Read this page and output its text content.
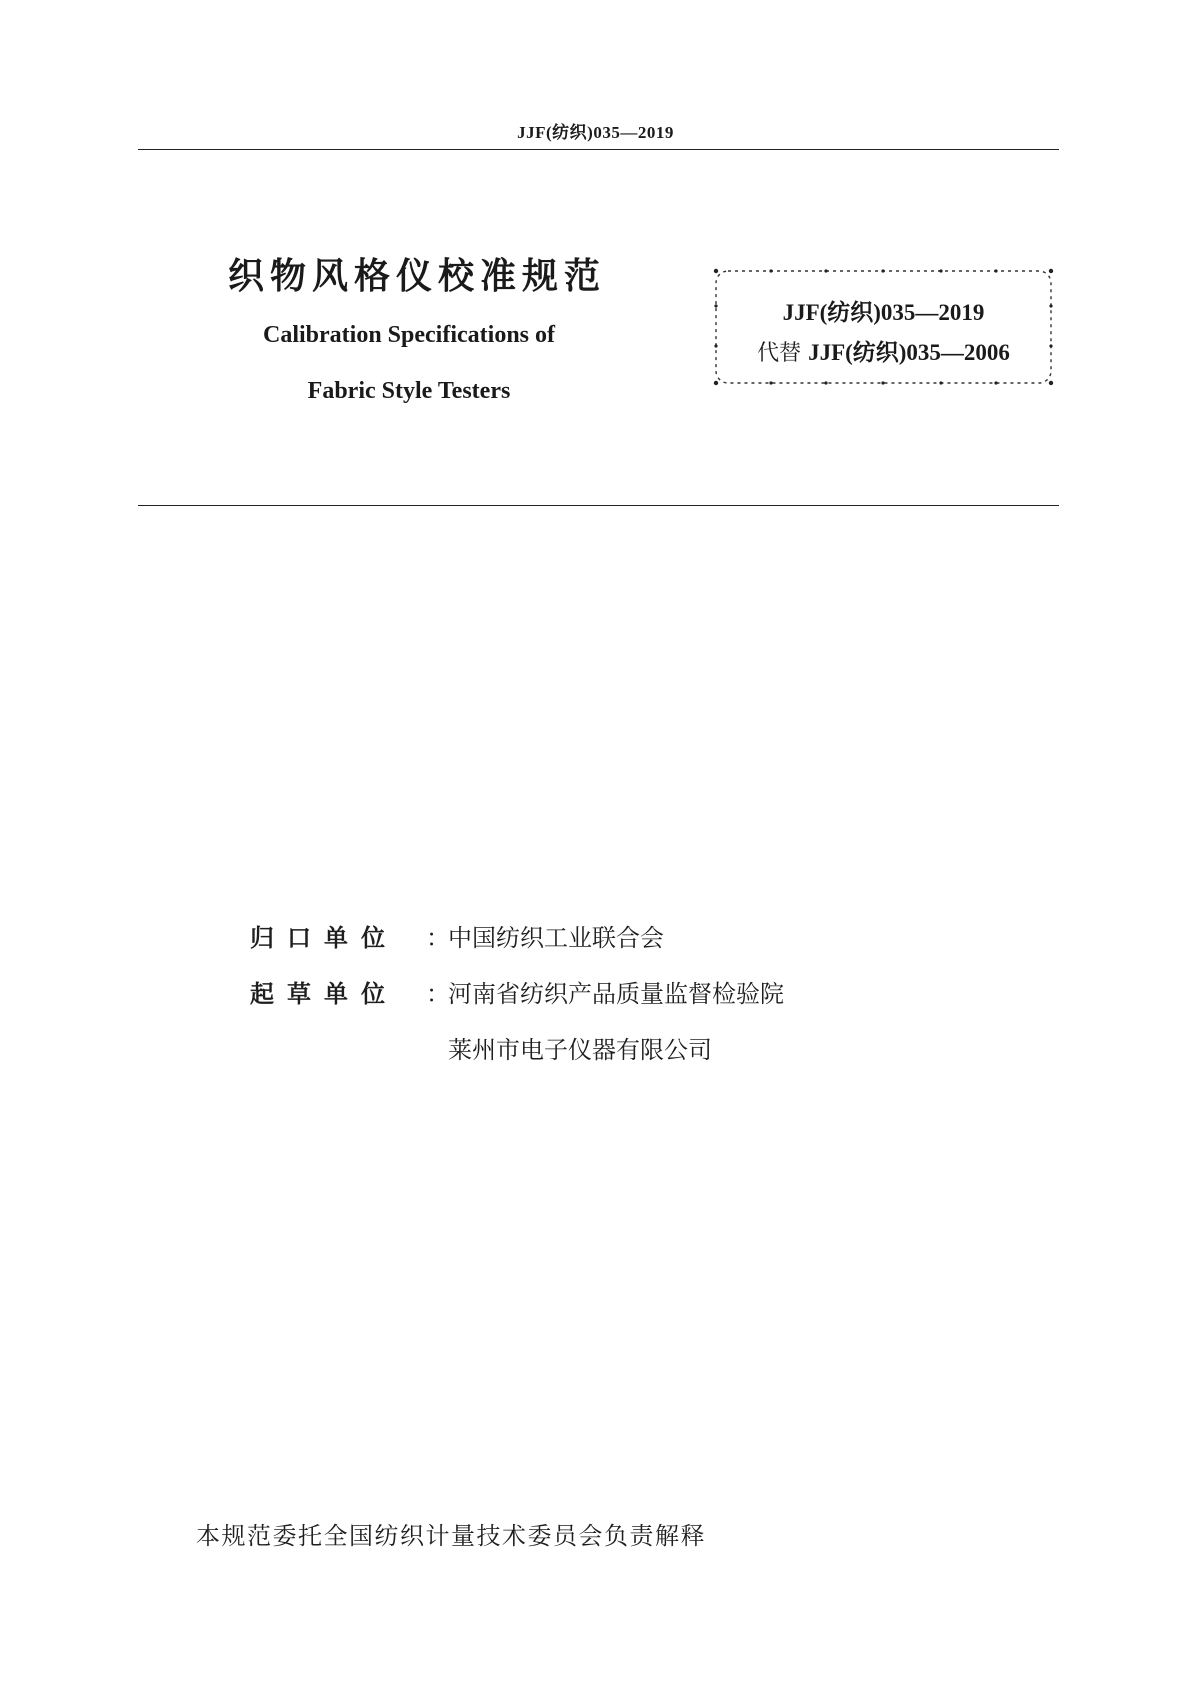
JJF(纺织)035—2019
织物风格仪校准规范
Calibration Specifications of
Fabric Style Testers
JJF(纺织)035—2019
代替 JJF(纺织)035—2006
归口单位 ：
中国纺织工业联合会
起草单位 ：
河南省纺织产品质量监督检验院
莱州市电子仪器有限公司
本规范委托全国纺织计量技术委员会负责解释
